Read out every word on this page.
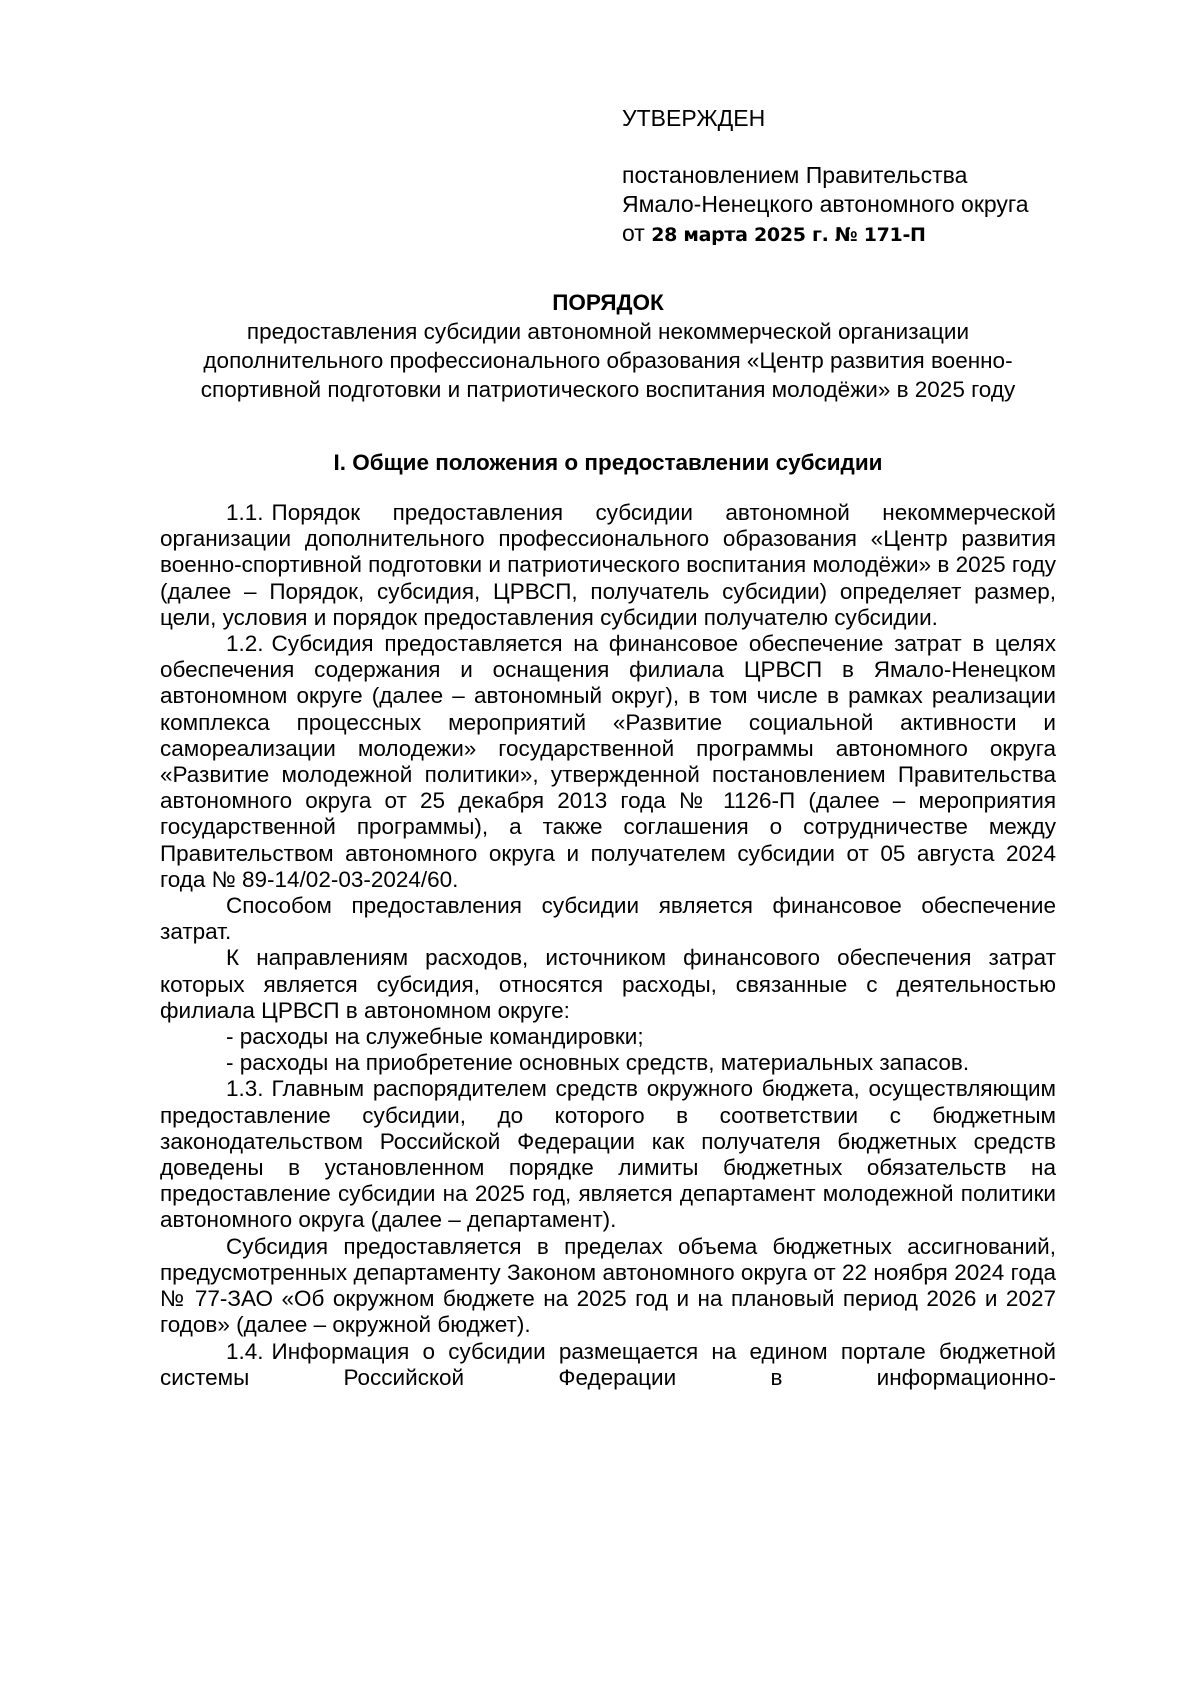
УТВЕРЖДЕН
постановлением Правительства
Ямало-Ненецкого автономного округа
от 28 марта 2025 г. № 171-П
ПОРЯДОК
предоставления субсидии автономной некоммерческой организации
дополнительного профессионального образования «Центр развития военно-
спортивной подготовки и патриотического воспитания молодёжи» в 2025 году
I. Общие положения о предоставлении субсидии

1.1. Порядок предоставления субсидии автономной некоммерческой организации дополнительного профессионального образования «Центр развития военно-спортивной подготовки и патриотического воспитания молодёжи» в 2025 году (далее – Порядок, субсидия, ЦРВСП, получатель субсидии) определяет размер, цели, условия и порядок предоставления субсидии получателю субсидии.

1.2. Субсидия предоставляется на финансовое обеспечение затрат в целях обеспечения содержания и оснащения филиала ЦРВСП в Ямало-Ненецком автономном округе (далее – автономный округ), в том числе в рамках реализации комплекса процессных мероприятий «Развитие социальной активности и самореализации молодежи» государственной программы автономного округа «Развитие молодежной политики», утвержденной постановлением Правительства автономного округа от 25 декабря 2013 года № 1126-П (далее – мероприятия государственной программы), а также соглашения о сотрудничестве между Правительством автономного округа и получателем субсидии от 05 августа 2024 года № 89-14/02-03-2024/60.

Способом предоставления субсидии является финансовое обеспечение затрат.

К направлениям расходов, источником финансового обеспечения затрат которых является субсидия, относятся расходы, связанные с деятельностью филиала ЦРВСП в автономном округе:

- расходы на служебные командировки;

- расходы на приобретение основных средств, материальных запасов.

1.3. Главным распорядителем средств окружного бюджета, осуществляющим предоставление субсидии, до которого в соответствии с бюджетным законодательством Российской Федерации как получателя бюджетных средств доведены в установленном порядке лимиты бюджетных обязательств на предоставление субсидии на 2025 год, является департамент молодежной политики автономного округа (далее – департамент).

Субсидия предоставляется в пределах объема бюджетных ассигнований, предусмотренных департаменту Законом автономного округа от 22 ноября 2024 года № 77-ЗАО «Об окружном бюджете на 2025 год и на плановый период 2026 и 2027 годов» (далее – окружной бюджет).

1.4. Информация о субсидии размещается на едином портале бюджетной системы Российской Федерации в информационно-
